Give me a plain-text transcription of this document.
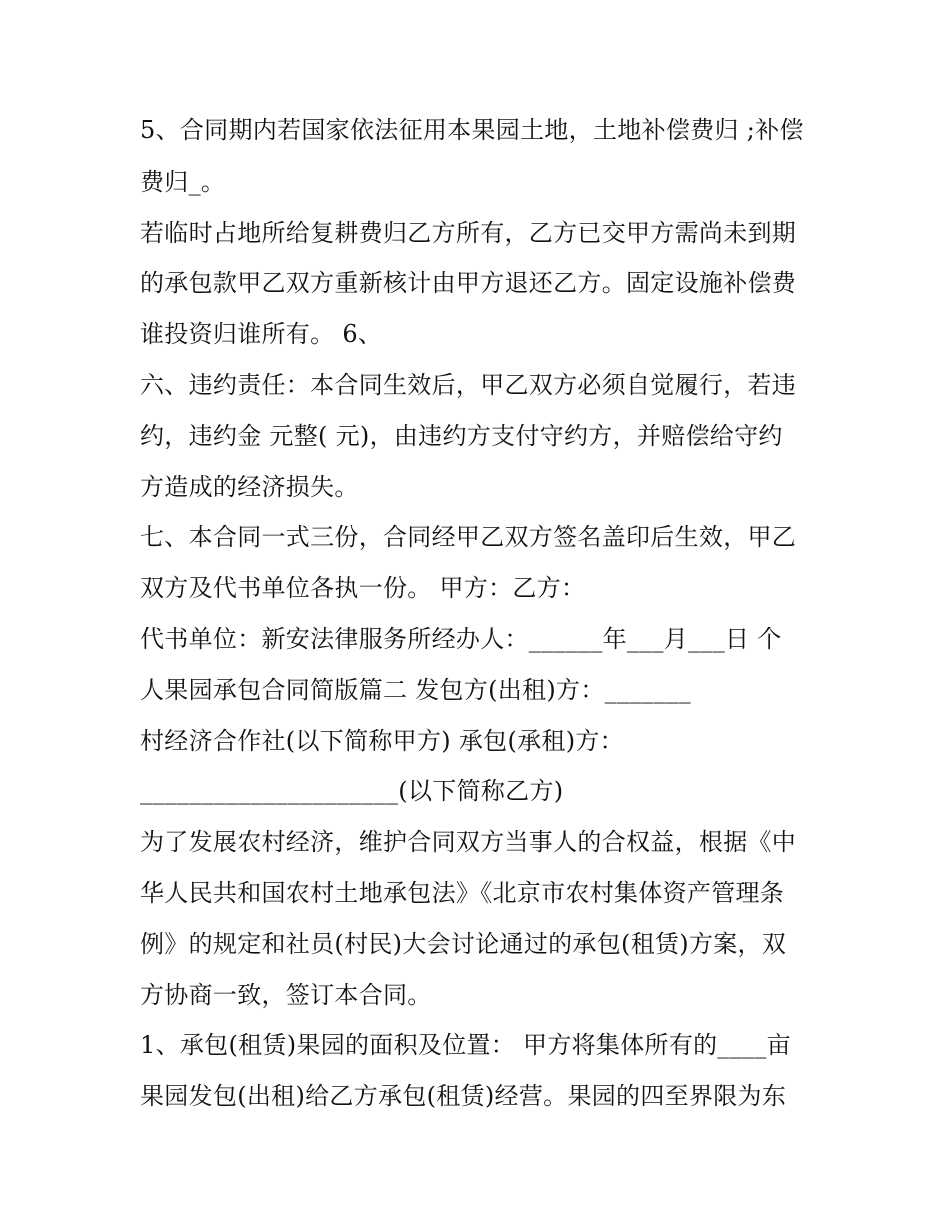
5、合同期内若国家依法征用本果园土地，土地补偿费归 ;补偿
费归_。
若临时占地所给复耕费归乙方所有，乙方已交甲方需尚未到期
的承包款甲乙双方重新核计由甲方退还乙方。固定设施补偿费
谁投资归谁所有。 6、
六、违约责任：本合同生效后，甲乙双方必须自觉履行，若违
约，违约金 元整( 元)，由违约方支付守约方，并赔偿给守约
方造成的经济损失。
七、本合同一式三份，合同经甲乙双方签名盖印后生效，甲乙
双方及代书单位各执一份。 甲方：乙方：
代书单位：新安法律服务所经办人：______年___月___日 个
人果园承包合同简版篇二 发包方(出租)方：_______
村经济合作社(以下简称甲方) 承包(承租)方：
_____________________(以下简称乙方)
为了发展农村经济，维护合同双方当事人的合权益，根据《中
华人民共和国农村土地承包法》《北京市农村集体资产管理条
例》的规定和社员(村民)大会讨论通过的承包(租赁)方案，双
方协商一致，签订本合同。
1、承包(租赁)果园的面积及位置： 甲方将集体所有的____亩
果园发包(出租)给乙方承包(租赁)经营。果园的四至界限为东
